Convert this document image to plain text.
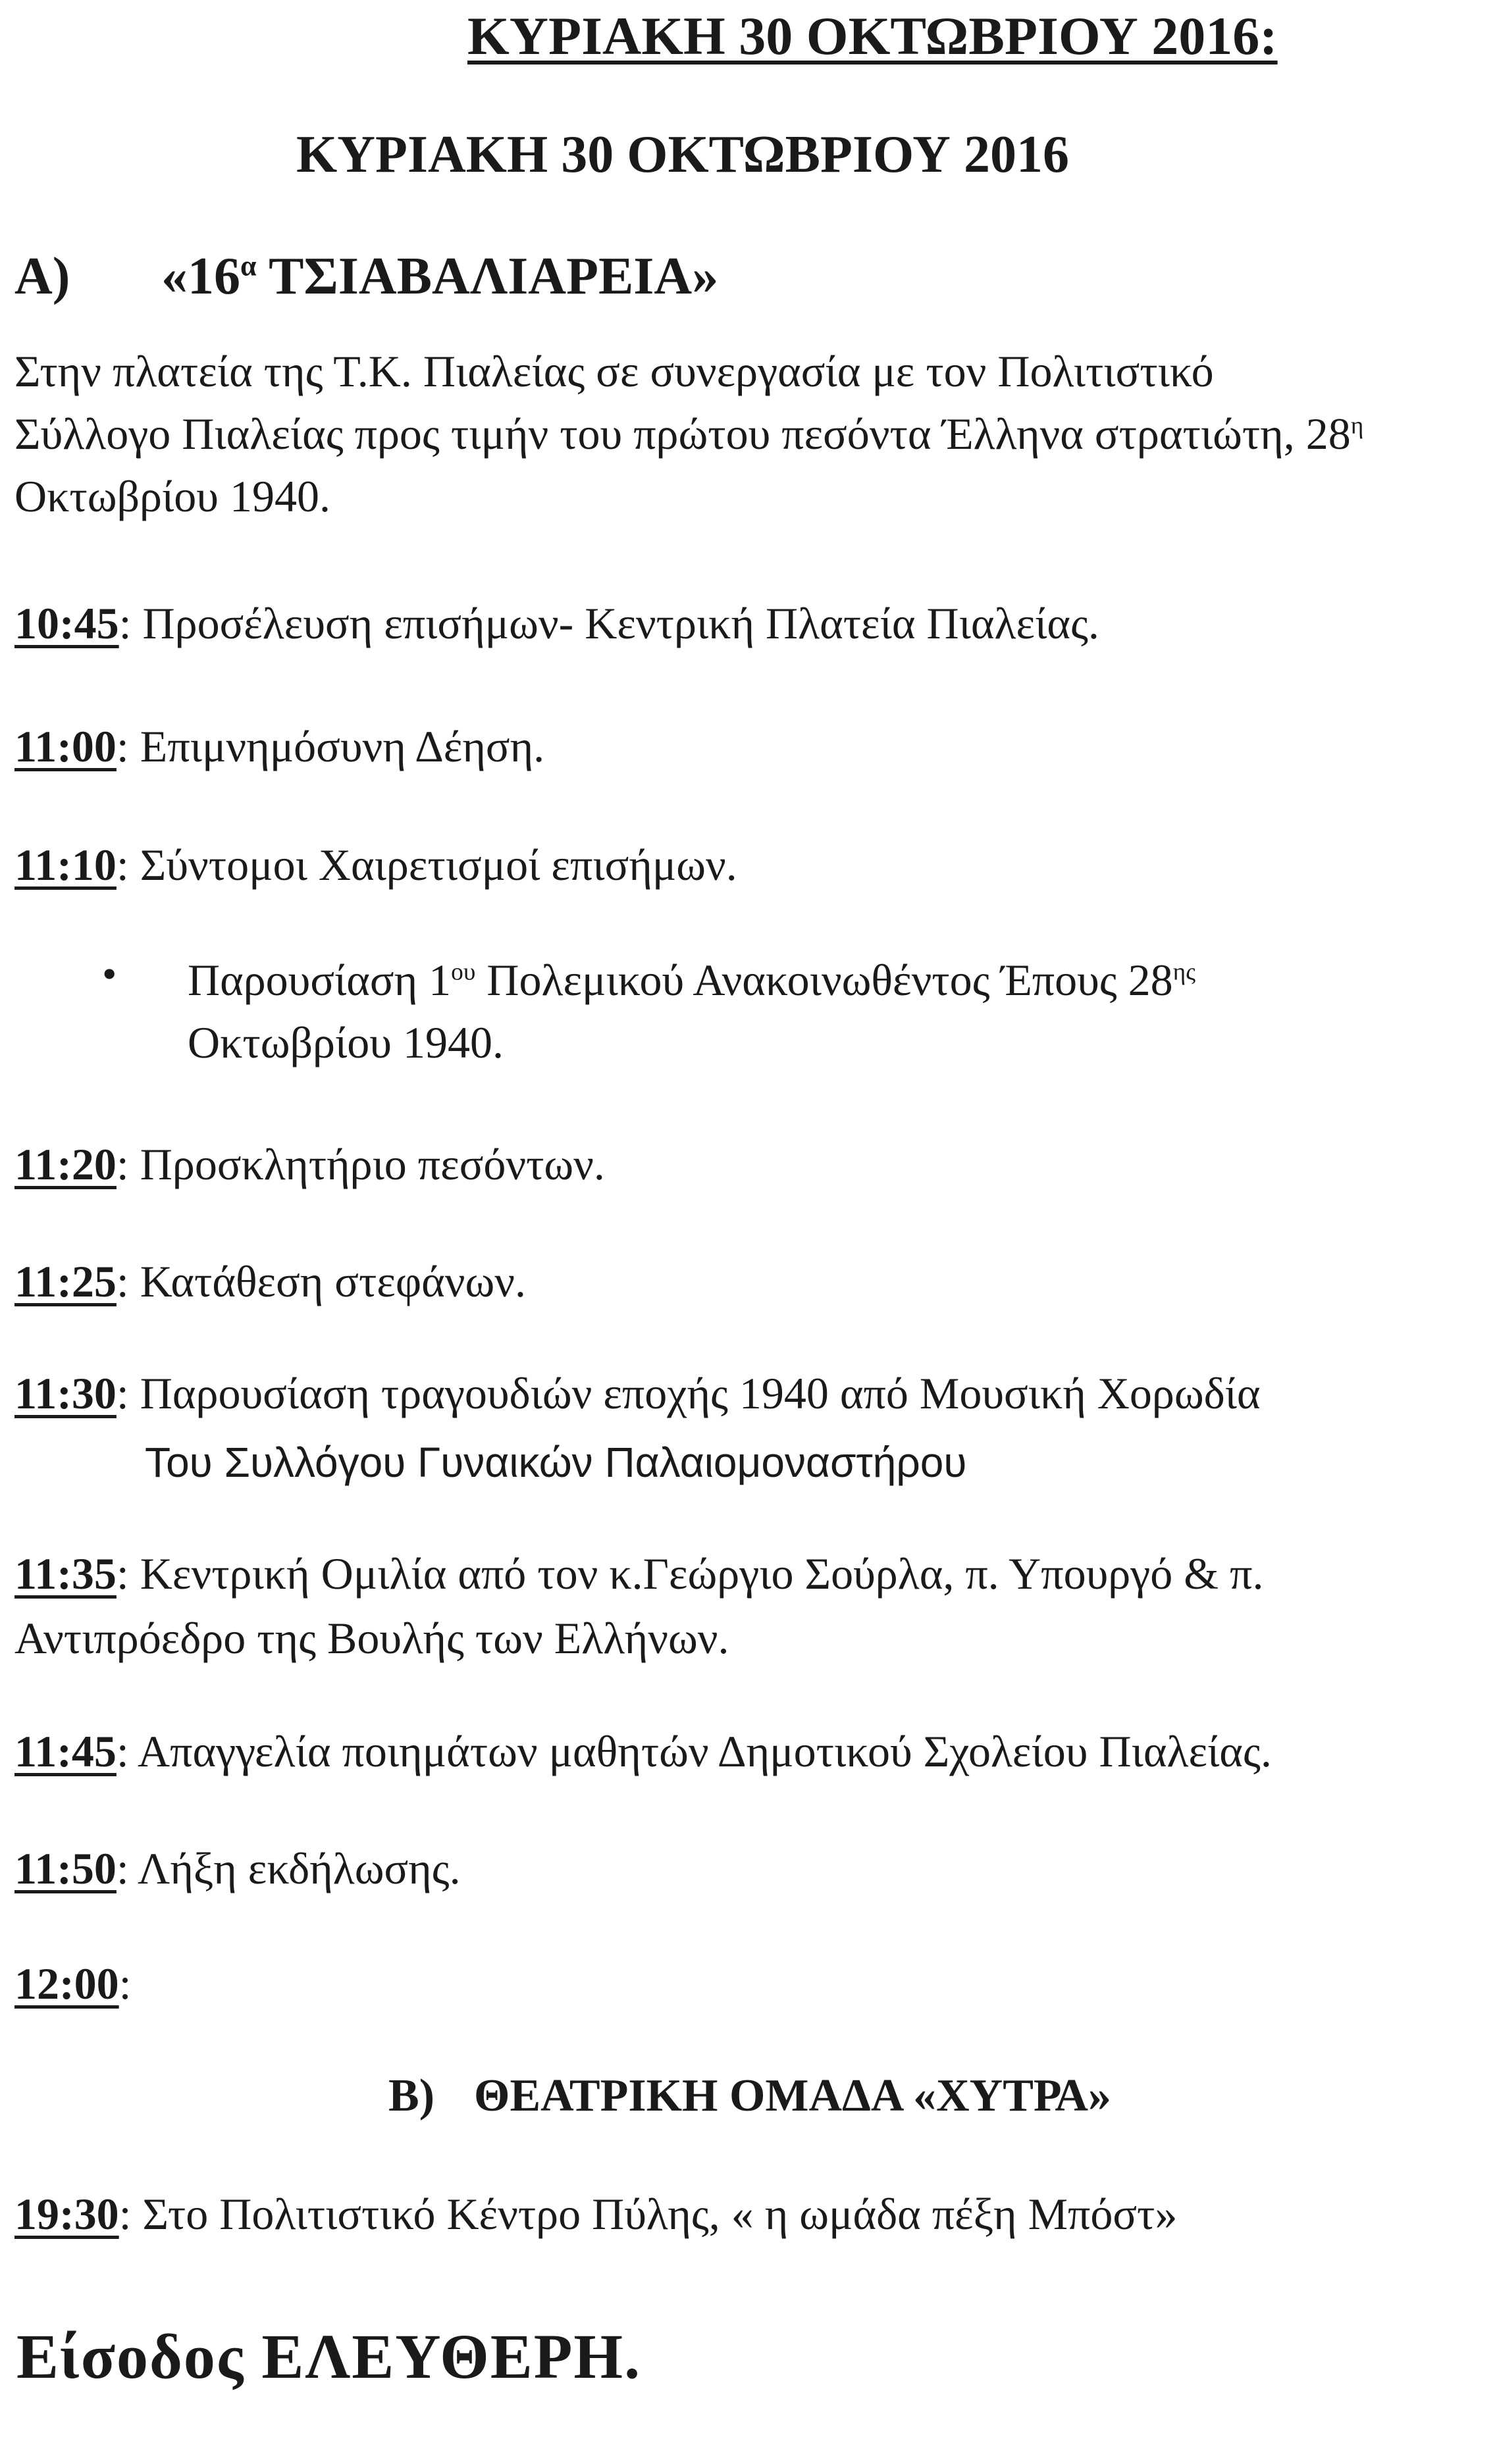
ΚΥΡΙΑΚΗ 30 ΟΚΤΩΒΡΙΟΥ 2016:
ΚΥΡΙΑΚΗ 30 ΟΚΤΩΒΡΙΟΥ 2016
A) «$16^\alpha$ ΤΣΙΑΒΑΛΙΑΡΕΙΑ»
Στην πλατεία της Τ.Κ. Πιαλείας σε συνεργασία με τον Πολιτιστικό
Σύλλογο Πιαλείας προς τιμήν του πρώτου πεσόντα Έλληνα στρατιώτη, $28^\eta$
Οκτωβρίου 1940.
10:45: Προσέλευση επισήμων- Κεντρική Πλατεία Πιαλείας.
11:00: Επιμνημόσυνη Δέηση.
11:10: Σύντομοι Χαιρετισμοί επισήμων.
• Παρουσίαση $1^{o\upsilon}$ Πολεμικού Ανακοινωθέντος Έπους $28^{\eta\varsigma}$
Οκτωβρίου 1940.
11:20: Προσκλητήριο πεσόντων.
11:25: Κατάθεση στεφάνων.
11:30: Παρουσίαση τραγουδιών εποχής 1940 από Μουσική Χορωδία
Του Συλλόγου Γυναικών Παλαιομοναστήρου
11:35: Κεντρική Ομιλία από τον κ.Γεώργιο Σούρλα, π. Υπουργό & π.
Αντιπρόεδρο της Βουλής των Ελλήνων.
11:45: Απαγγελία ποιημάτων μαθητών Δημοτικού Σχολείου Πιαλείας.
11:50: Λήξη εκδήλωσης.
12:00:
B) ΘΕΑΤΡΙΚΗ ΟΜΑΔΑ «ΧΥΤΡΑ»
19:30: Στο Πολιτιστικό Κέντρο Πύλης, « η ωμάδα πέξη Μπόστ»
Είσοδος ΕΛΕΥΘΕΡΗ.
